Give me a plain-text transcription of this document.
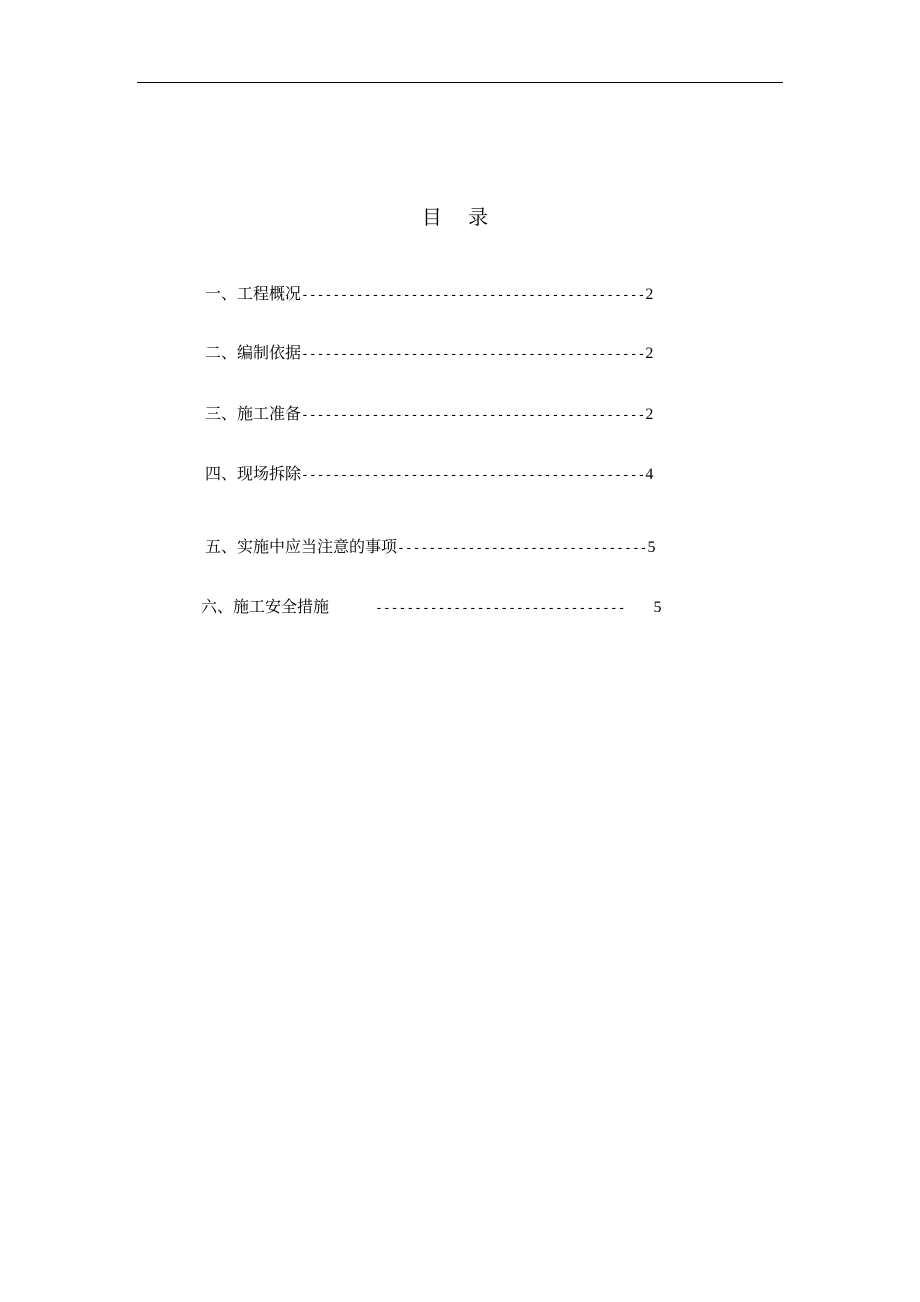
目 录
一、工程概况--------------------------------------------2
二、编制依据--------------------------------------------2
三、施工准备--------------------------------------------2
四、现场拆除--------------------------------------------4
五、实施中应当注意的事项--------------------------------5
六、施工安全措施	-------------------------------- 5
